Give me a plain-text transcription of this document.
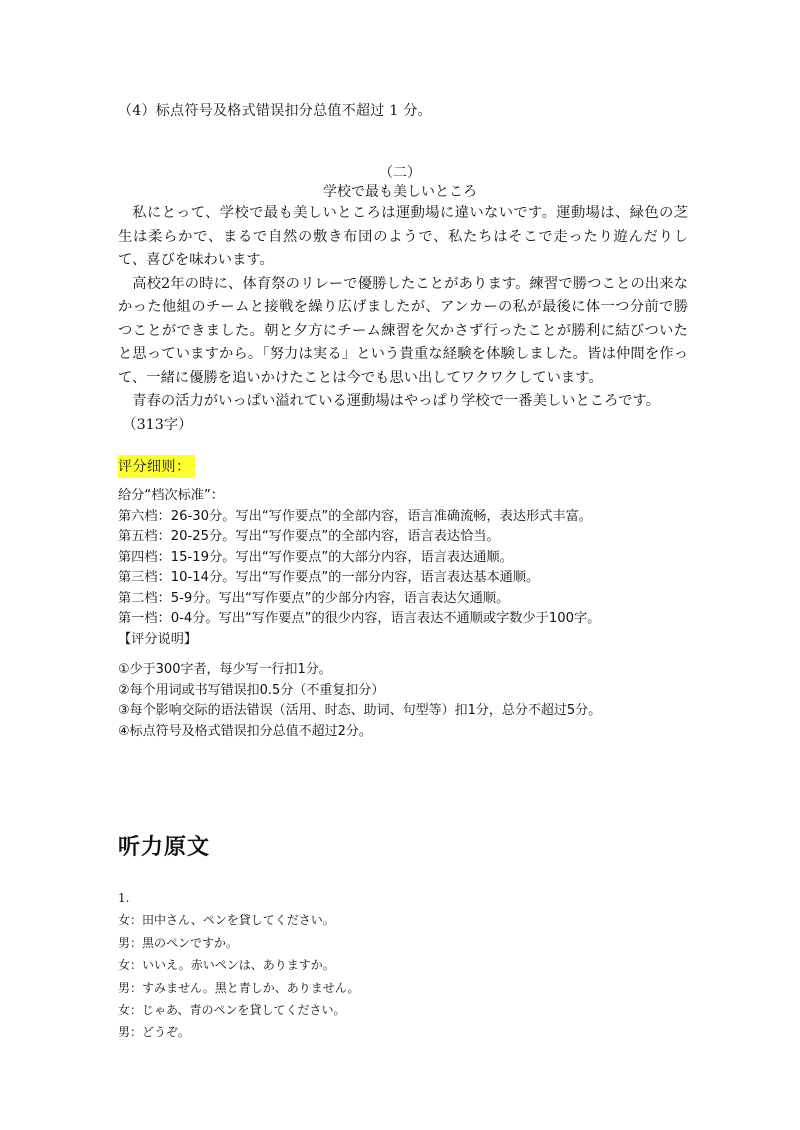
（4）标点符号及格式错误扣分总值不超过 1 分。
（二）
学校で最も美しいところ

私にとって、学校で最も美しいところは運動場に違いないです。運動場は、緑色の芝生は柔らかで、まるで自然の敷き布団のようで、私たちはそこで走ったり遊んだりして、喜びを味わいます。

高校2年の時に、体育祭のリレーで優勝したことがあります。練習で勝つことの出来なかった他組のチームと接戦を繰り広げましたが、アンカーの私が最後に体一つ分前で勝つことができました。朝と夕方にチーム練習を欠かさず行ったことが勝利に結びついたと思っていますから。「努力は実る」という貴重な経験を体験しました。皆は仲間を作って、一緒に優勝を追いかけたことは今でも思い出してワクワクしています。

青春の活力がいっぱい溢れている運動場はやっぱり学校で一番美しいところです。

（313字）

评分细则：
给分“档次标准”：
第六档：26-30分。写出“写作要点”的全部内容，语言准确流畅，表达形式丰富。
第五档：20-25分。写出“写作要点”的全部内容，语言表达恰当。
第四档：15-19分。写出“写作要点”的大部分内容，语言表达通顺。
第三档：10-14分。写出“写作要点”的一部分内容，语言表达基本通顺。
第二档：5-9分。写出“写作要点”的少部分内容，语言表达欠通顺。
第一档：0-4分。写出“写作要点”的很少内容，语言表达不通顺或字数少于100字。
【评分说明】
①少于300字者，每少写一行扣1分。
②每个用词或书写错误扣0.5分（不重复扣分）
③每个影响交际的语法错误（活用、时态、助词、句型等）扣1分，总分不超过5分。
④标点符号及格式错误扣分总值不超过2分。
听力原文
1.
女：田中さん、ペンを貸してください。
男：黒のペンですか。
女：いいえ。赤いペンは、ありますか。
男：すみません。黒と青しか、ありません。
女：じゃあ、青のペンを貸してください。
男：どうぞ。
